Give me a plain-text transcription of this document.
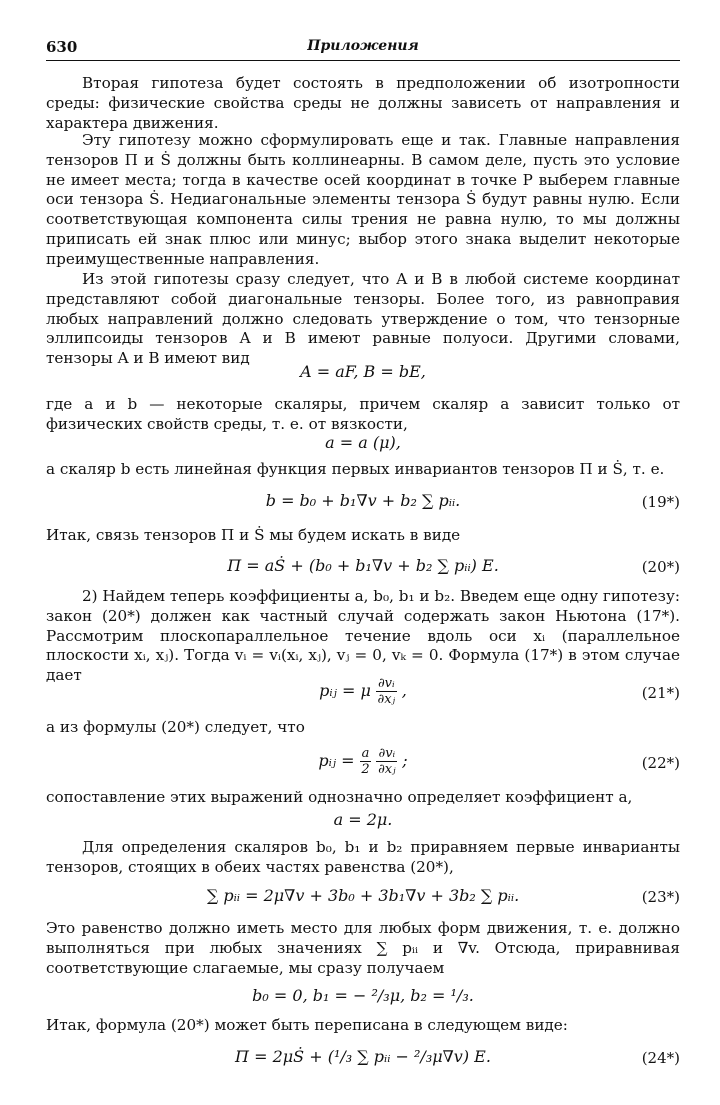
630	Приложения
Вторая гипотеза будет состоять в предположении об изотропности среды: физические свойства среды не должны зависеть от направления и характера движения.
Эту гипотезу можно сформулировать еще и так. Главные направления тензоров Π и Ṡ должны быть коллинеарны. В самом деле, пусть это условие не имеет места; тогда в качестве осей координат в точке P выберем главные оси тензора Ṡ. Недиагональные элементы тензора Ṡ будут равны нулю. Если соответствующая компонента силы трения не равна нулю, то мы должны приписать ей знак плюс или минус; выбор этого знака выделит некоторые преимущественные направления.
Из этой гипотезы сразу следует, что A и B в любой системе координат представляют собой диагональные тензоры. Более того, из равноправия любых направлений должно следовать утверждение о том, что тензорные эллипсоиды тензоров A и B имеют равные полуоси. Другими словами, тензоры A и B имеют вид
A = aF, B = bE,
где a и b — некоторые скаляры, причем скаляр a зависит только от физических свойств среды, т. е. от вязкости,
a = a (μ),
а скаляр b есть линейная функция первых инвариантов тензоров Π и Ṡ, т. е.
b = b₀ + b₁∇v + b₂ ∑ pᵢᵢ.	(19*)
Итак, связь тензоров Π и Ṡ мы будем искать в виде
Π = aṠ + (b₀ + b₁∇v + b₂ ∑ pᵢᵢ) E.	(20*)
2) Найдем теперь коэффициенты a, b₀, b₁ и b₂. Введем еще одну гипотезу: закон (20*) должен как частный случай содержать закон Ньютона (17*). Рассмотрим плоскопараллельное течение вдоль оси xᵢ (параллельное плоскости xᵢ, xⱼ). Тогда vᵢ = vᵢ(xᵢ, xⱼ), vⱼ = 0, vₖ = 0. Формула (17*) в этом случае дает
pᵢⱼ = μ $\frac{\text{∂vᵢ}}{\text{∂xⱼ}}$ ,	(21*)
а из формулы (20*) следует, что
pᵢⱼ = $\frac{a}{2}$
$\frac{\text{∂vᵢ}}{\text{∂xⱼ}}$ ;	(22*)
сопоставление этих выражений однозначно определяет коэффициент a,
a = 2μ.
Для определения скаляров b₀, b₁ и b₂ приравняем первые инварианты тензоров, стоящих в обеих частях равенства (20*),
∑ pᵢᵢ = 2μ∇v + 3b₀ + 3b₁∇v + 3b₂ ∑ pᵢᵢ.	(23*)
Это равенство должно иметь место для любых форм движения, т. е. должно выполняться при любых значениях ∑ pᵢᵢ и ∇v. Отсюда, приравнивая соответствующие слагаемые, мы сразу получаем
b₀ = 0, b₁ = − ²/₃μ, b₂ = ¹/₃.
Итак, формула (20*) может быть переписана в следующем виде:
Π = 2μṠ + (¹/₃ ∑ pᵢᵢ − ²/₃μ∇v) E.	(24*)
